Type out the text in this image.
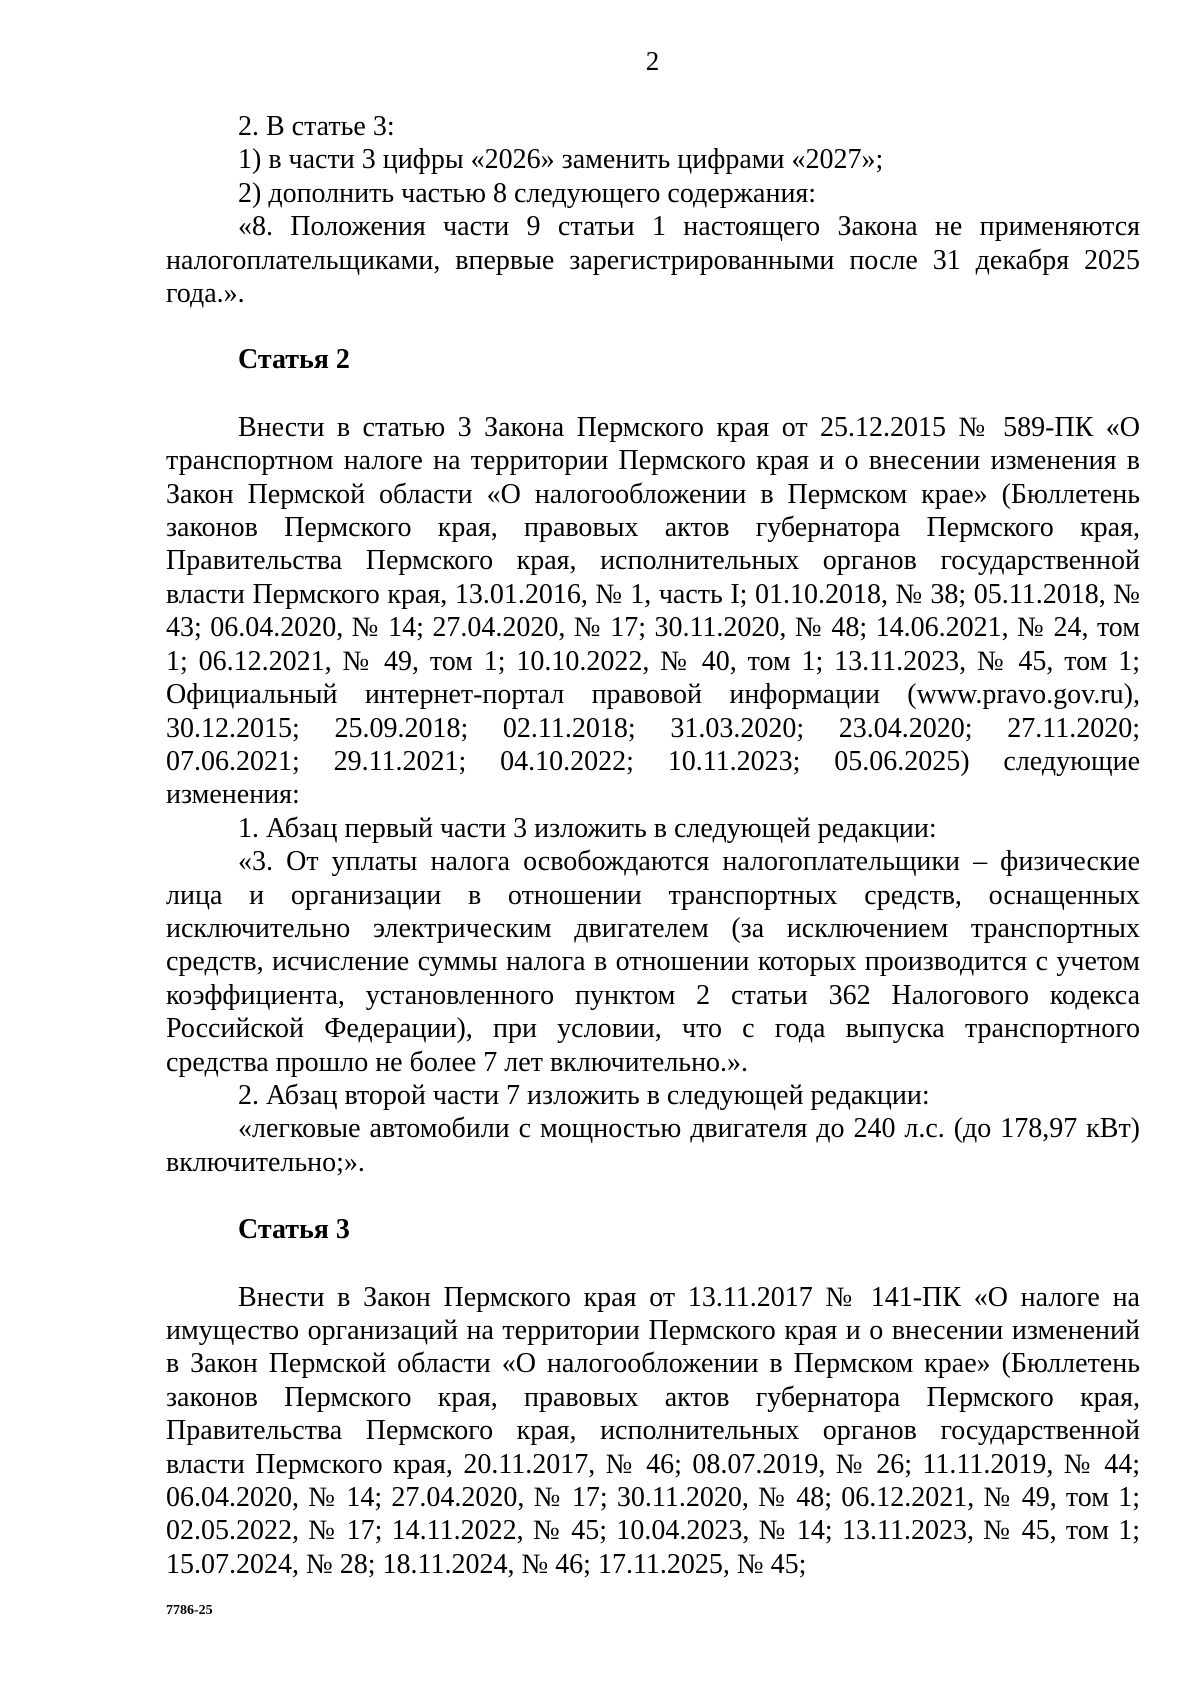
2

2. В статье 3:

1) в части 3 цифры «2026» заменить цифрами «2027»;

2) дополнить частью 8 следующего содержания:

«8. Положения части 9 статьи 1 настоящего Закона не применяются налогоплательщиками, впервые зарегистрированными после 31 декабря 2025 года.».

Статья 2

Внести в статью 3 Закона Пермского края от 25.12.2015 № 589-ПК «О транспортном налоге на территории Пермского края и о внесении изменения в Закон Пермской области «О налогообложении в Пермском крае» (Бюллетень законов Пермского края, правовых актов губернатора Пермского края, Правительства Пермского края, исполнительных органов государственной власти Пермского края, 13.01.2016, № 1, часть I; 01.10.2018, № 38; 05.11.2018, № 43; 06.04.2020, № 14; 27.04.2020, № 17; 30.11.2020, № 48; 14.06.2021, № 24, том 1; 06.12.2021, № 49, том 1; 10.10.2022, № 40, том 1; 13.11.2023, № 45, том 1; Официальный интернет-портал правовой информации (www.pravo.gov.ru), 30.12.2015; 25.09.2018; 02.11.2018; 31.03.2020; 23.04.2020; 27.11.2020; 07.06.2021; 29.11.2021; 04.10.2022; 10.11.2023; 05.06.2025) следующие изменения:

1. Абзац первый части 3 изложить в следующей редакции:

«3. От уплаты налога освобождаются налогоплательщики – физические лица и организации в отношении транспортных средств, оснащенных исключительно электрическим двигателем (за исключением транспортных средств, исчисление суммы налога в отношении которых производится с учетом коэффициента, установленного пунктом 2 статьи 362 Налогового кодекса Российской Федерации), при условии, что с года выпуска транспортного средства прошло не более 7 лет включительно.».

2. Абзац второй части 7 изложить в следующей редакции:

«легковые автомобили с мощностью двигателя до 240 л.с. (до 178,97 кВт) включительно;».

Статья 3

Внести в Закон Пермского края от 13.11.2017 № 141-ПК «О налоге на имущество организаций на территории Пермского края и о внесении изменений в Закон Пермской области «О налогообложении в Пермском крае» (Бюллетень законов Пермского края, правовых актов губернатора Пермского края, Правительства Пермского края, исполнительных органов государственной власти Пермского края, 20.11.2017, № 46; 08.07.2019, № 26; 11.11.2019, № 44; 06.04.2020, № 14; 27.04.2020, № 17; 30.11.2020, № 48; 06.12.2021, № 49, том 1; 02.05.2022, № 17; 14.11.2022, № 45; 10.04.2023, № 14; 13.11.2023, № 45, том 1; 15.07.2024, № 28; 18.11.2024, № 46; 17.11.2025, № 45;

7786-25
